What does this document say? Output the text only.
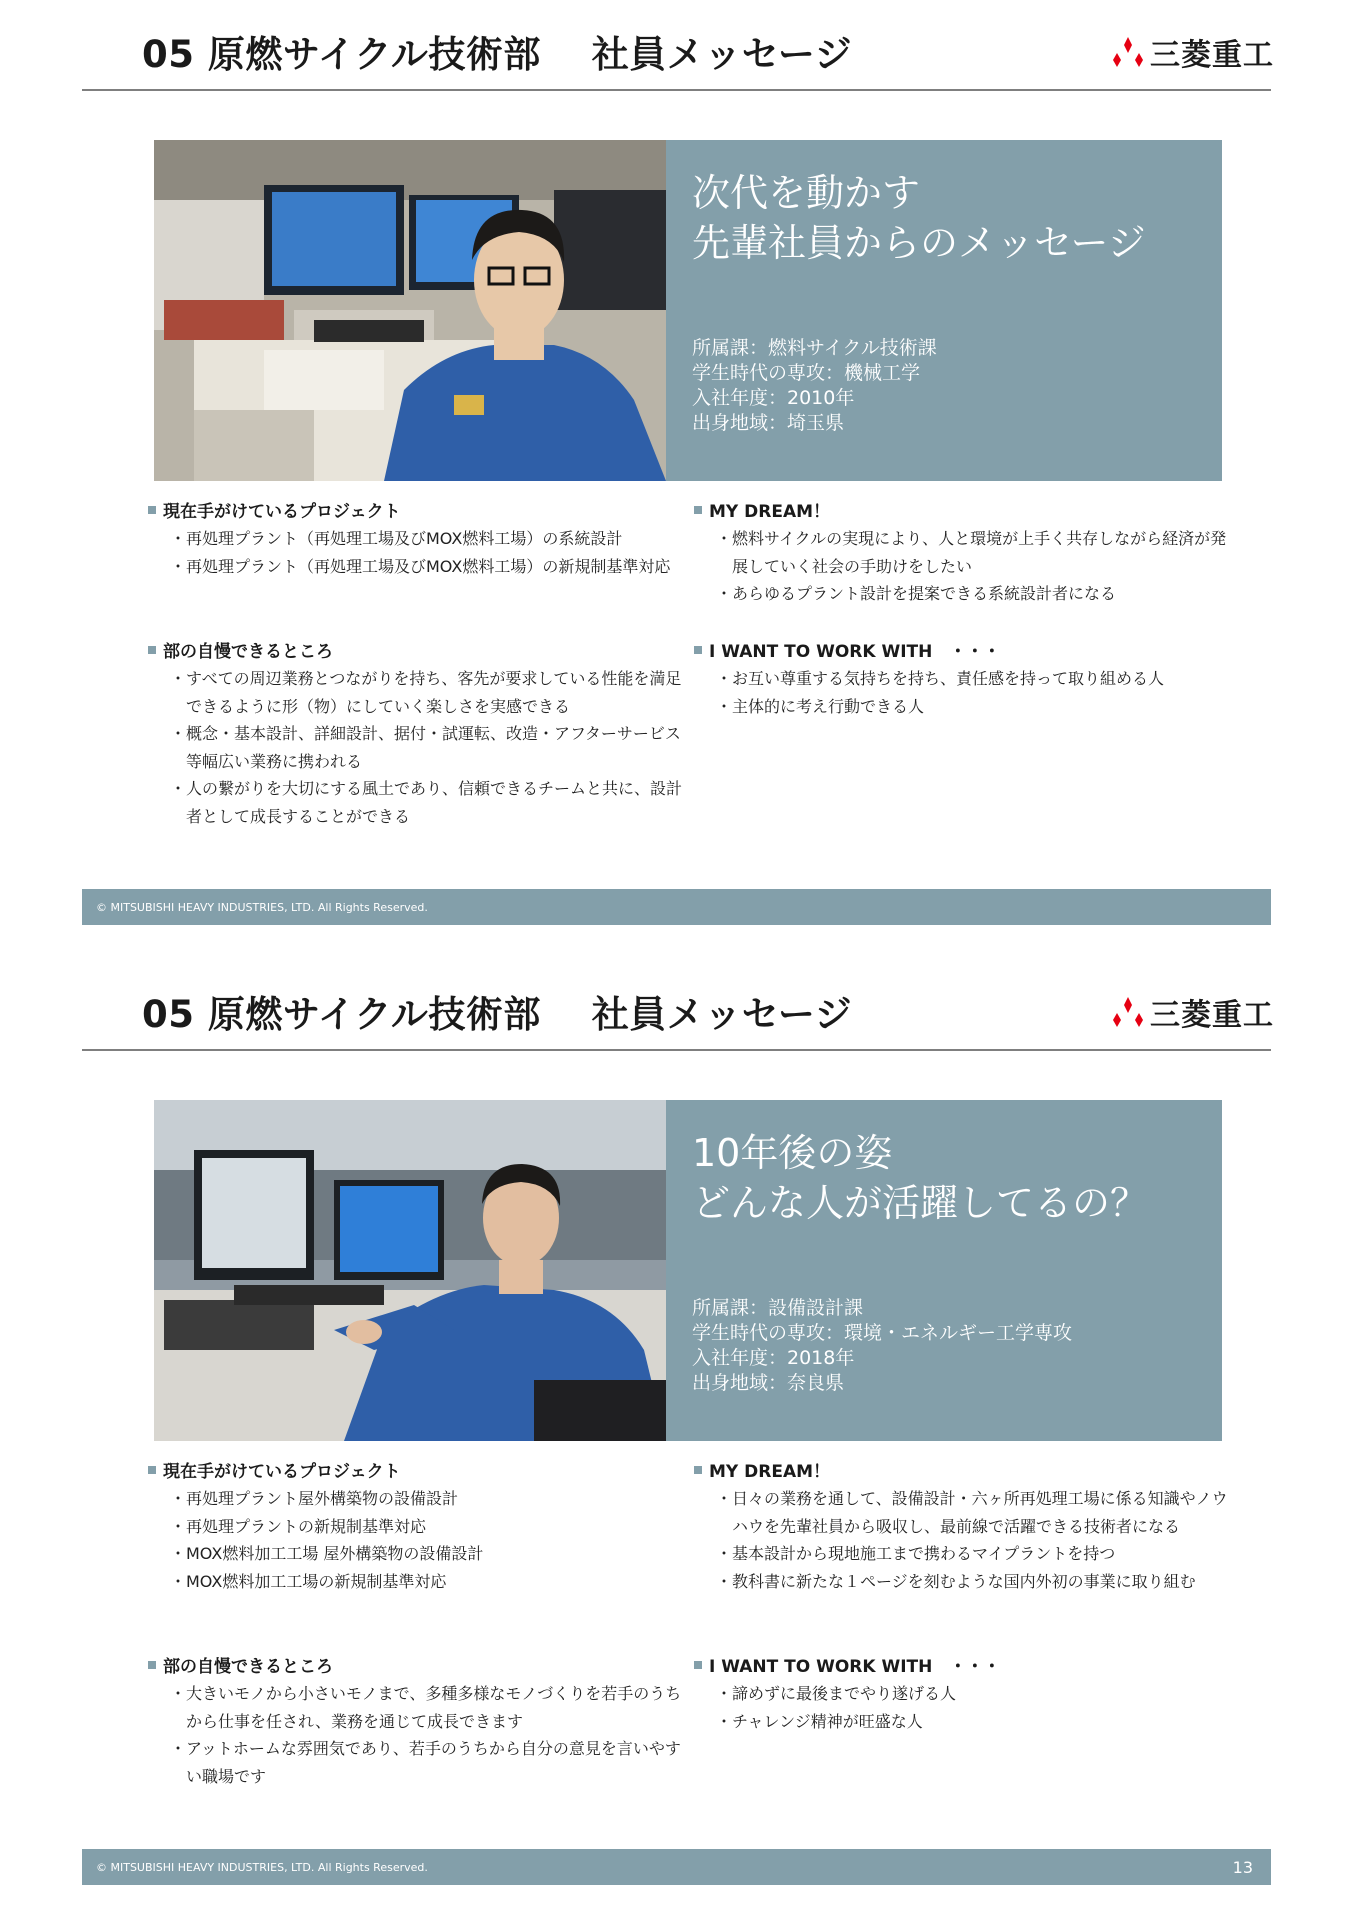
05 原燃サイクル技術部　 社員メッセージ	三菱重工
次代を動かす
先輩社員からのメッセージ
所属課：燃料サイクル技術課
学生時代の専攻：機械工学
入社年度：2010年
出身地域：埼玉県
現在手がけているプロジェクト
・再処理プラント（再処理工場及びMOX燃料工場）の系統設計
・再処理プラント（再処理工場及びMOX燃料工場）の新規制基準対応
部の自慢できるところ
・すべての周辺業務とつながりを持ち、客先が要求している性能を満足できるように形（物）にしていく楽しさを実感できる
・概念・基本設計、詳細設計、据付・試運転、改造・アフターサービス等幅広い業務に携われる
・人の繋がりを大切にする風土であり、信頼できるチームと共に、設計者として成長することができる
MY DREAM！
・燃料サイクルの実現により、人と環境が上手く共存しながら経済が発展していく社会の手助けをしたい
・あらゆるプラント設計を提案できる系統設計者になる
I WANT TO WORK WITH　・・・
・お互い尊重する気持ちを持ち、責任感を持って取り組める人
・主体的に考え行動できる人
© MITSUBISHI HEAVY INDUSTRIES, LTD. All Rights Reserved.
05 原燃サイクル技術部　 社員メッセージ	三菱重工
10年後の姿
どんな人が活躍してるの？
所属課：設備設計課
学生時代の専攻：環境・エネルギー工学専攻
入社年度：2018年
出身地域：奈良県
現在手がけているプロジェクト
・再処理プラント屋外構築物の設備設計
・再処理プラントの新規制基準対応
・MOX燃料加工工場 屋外構築物の設備設計
・MOX燃料加工工場の新規制基準対応
部の自慢できるところ
・大きいモノから小さいモノまで、多種多様なモノづくりを若手のうちから仕事を任され、業務を通じて成長できます
・アットホームな雰囲気であり、若手のうちから自分の意見を言いやすい職場です
MY DREAM！
・日々の業務を通して、設備設計・六ヶ所再処理工場に係る知識やノウハウを先輩社員から吸収し、最前線で活躍できる技術者になる
・基本設計から現地施工まで携わるマイプラントを持つ
・教科書に新たな１ページを刻むような国内外初の事業に取り組む
I WANT TO WORK WITH　・・・
・諦めずに最後までやり遂げる人
・チャレンジ精神が旺盛な人
© MITSUBISHI HEAVY INDUSTRIES, LTD. All Rights Reserved.	13
